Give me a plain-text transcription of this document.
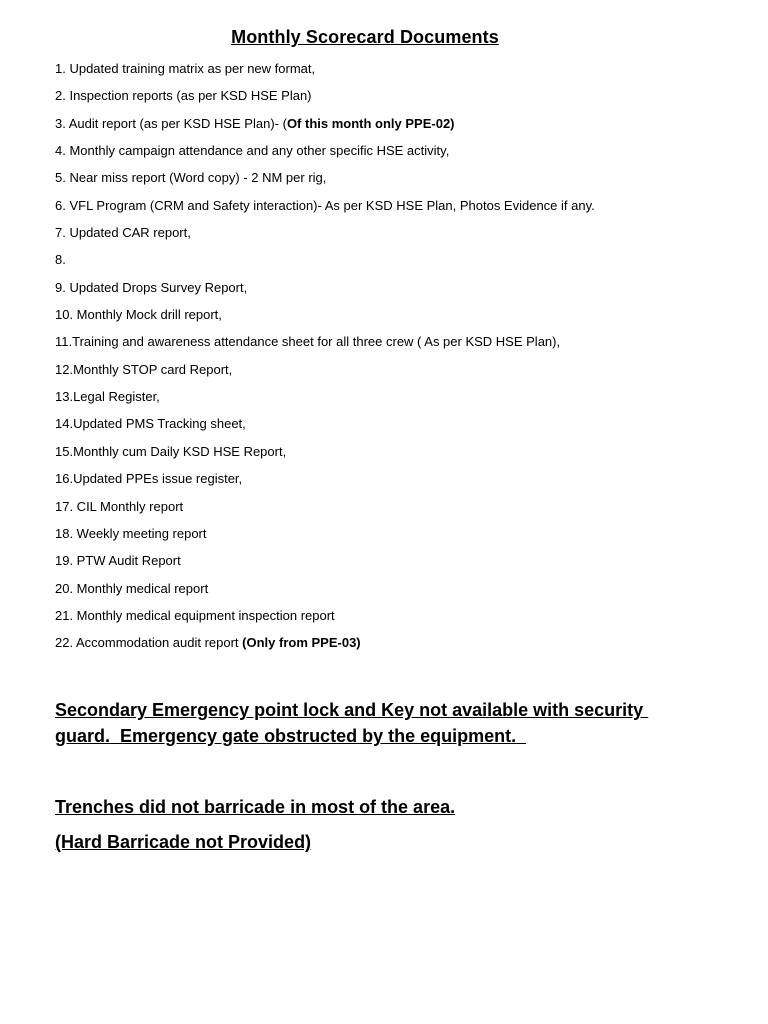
Monthly Scorecard Documents
1. Updated training matrix as per new format,
2. Inspection reports (as per KSD HSE Plan)
3. Audit report (as per KSD HSE Plan)- (Of this month only PPE-02)
4. Monthly campaign attendance and any other specific HSE activity,
5. Near miss report (Word copy) - 2 NM per rig,
6. VFL Program (CRM and Safety interaction)- As per KSD HSE Plan, Photos Evidence if any.
7. Updated CAR report,
8.
9. Updated Drops Survey Report,
10. Monthly Mock drill report,
11.Training and awareness attendance sheet for all three crew ( As per KSD HSE Plan),
12.Monthly STOP card Report,
13.Legal Register,
14.Updated PMS Tracking sheet,
15.Monthly cum Daily KSD HSE Report,
16.Updated PPEs issue register,
17. CIL Monthly report
18. Weekly meeting report
19. PTW Audit Report
20. Monthly medical report
21. Monthly medical equipment inspection report
22. Accommodation audit report (Only from PPE-03)
Secondary Emergency point lock and Key not available with security
guard.  Emergency gate obstructed by the equipment.
Trenches did not barricade in most of the area.
(Hard Barricade not Provided)
